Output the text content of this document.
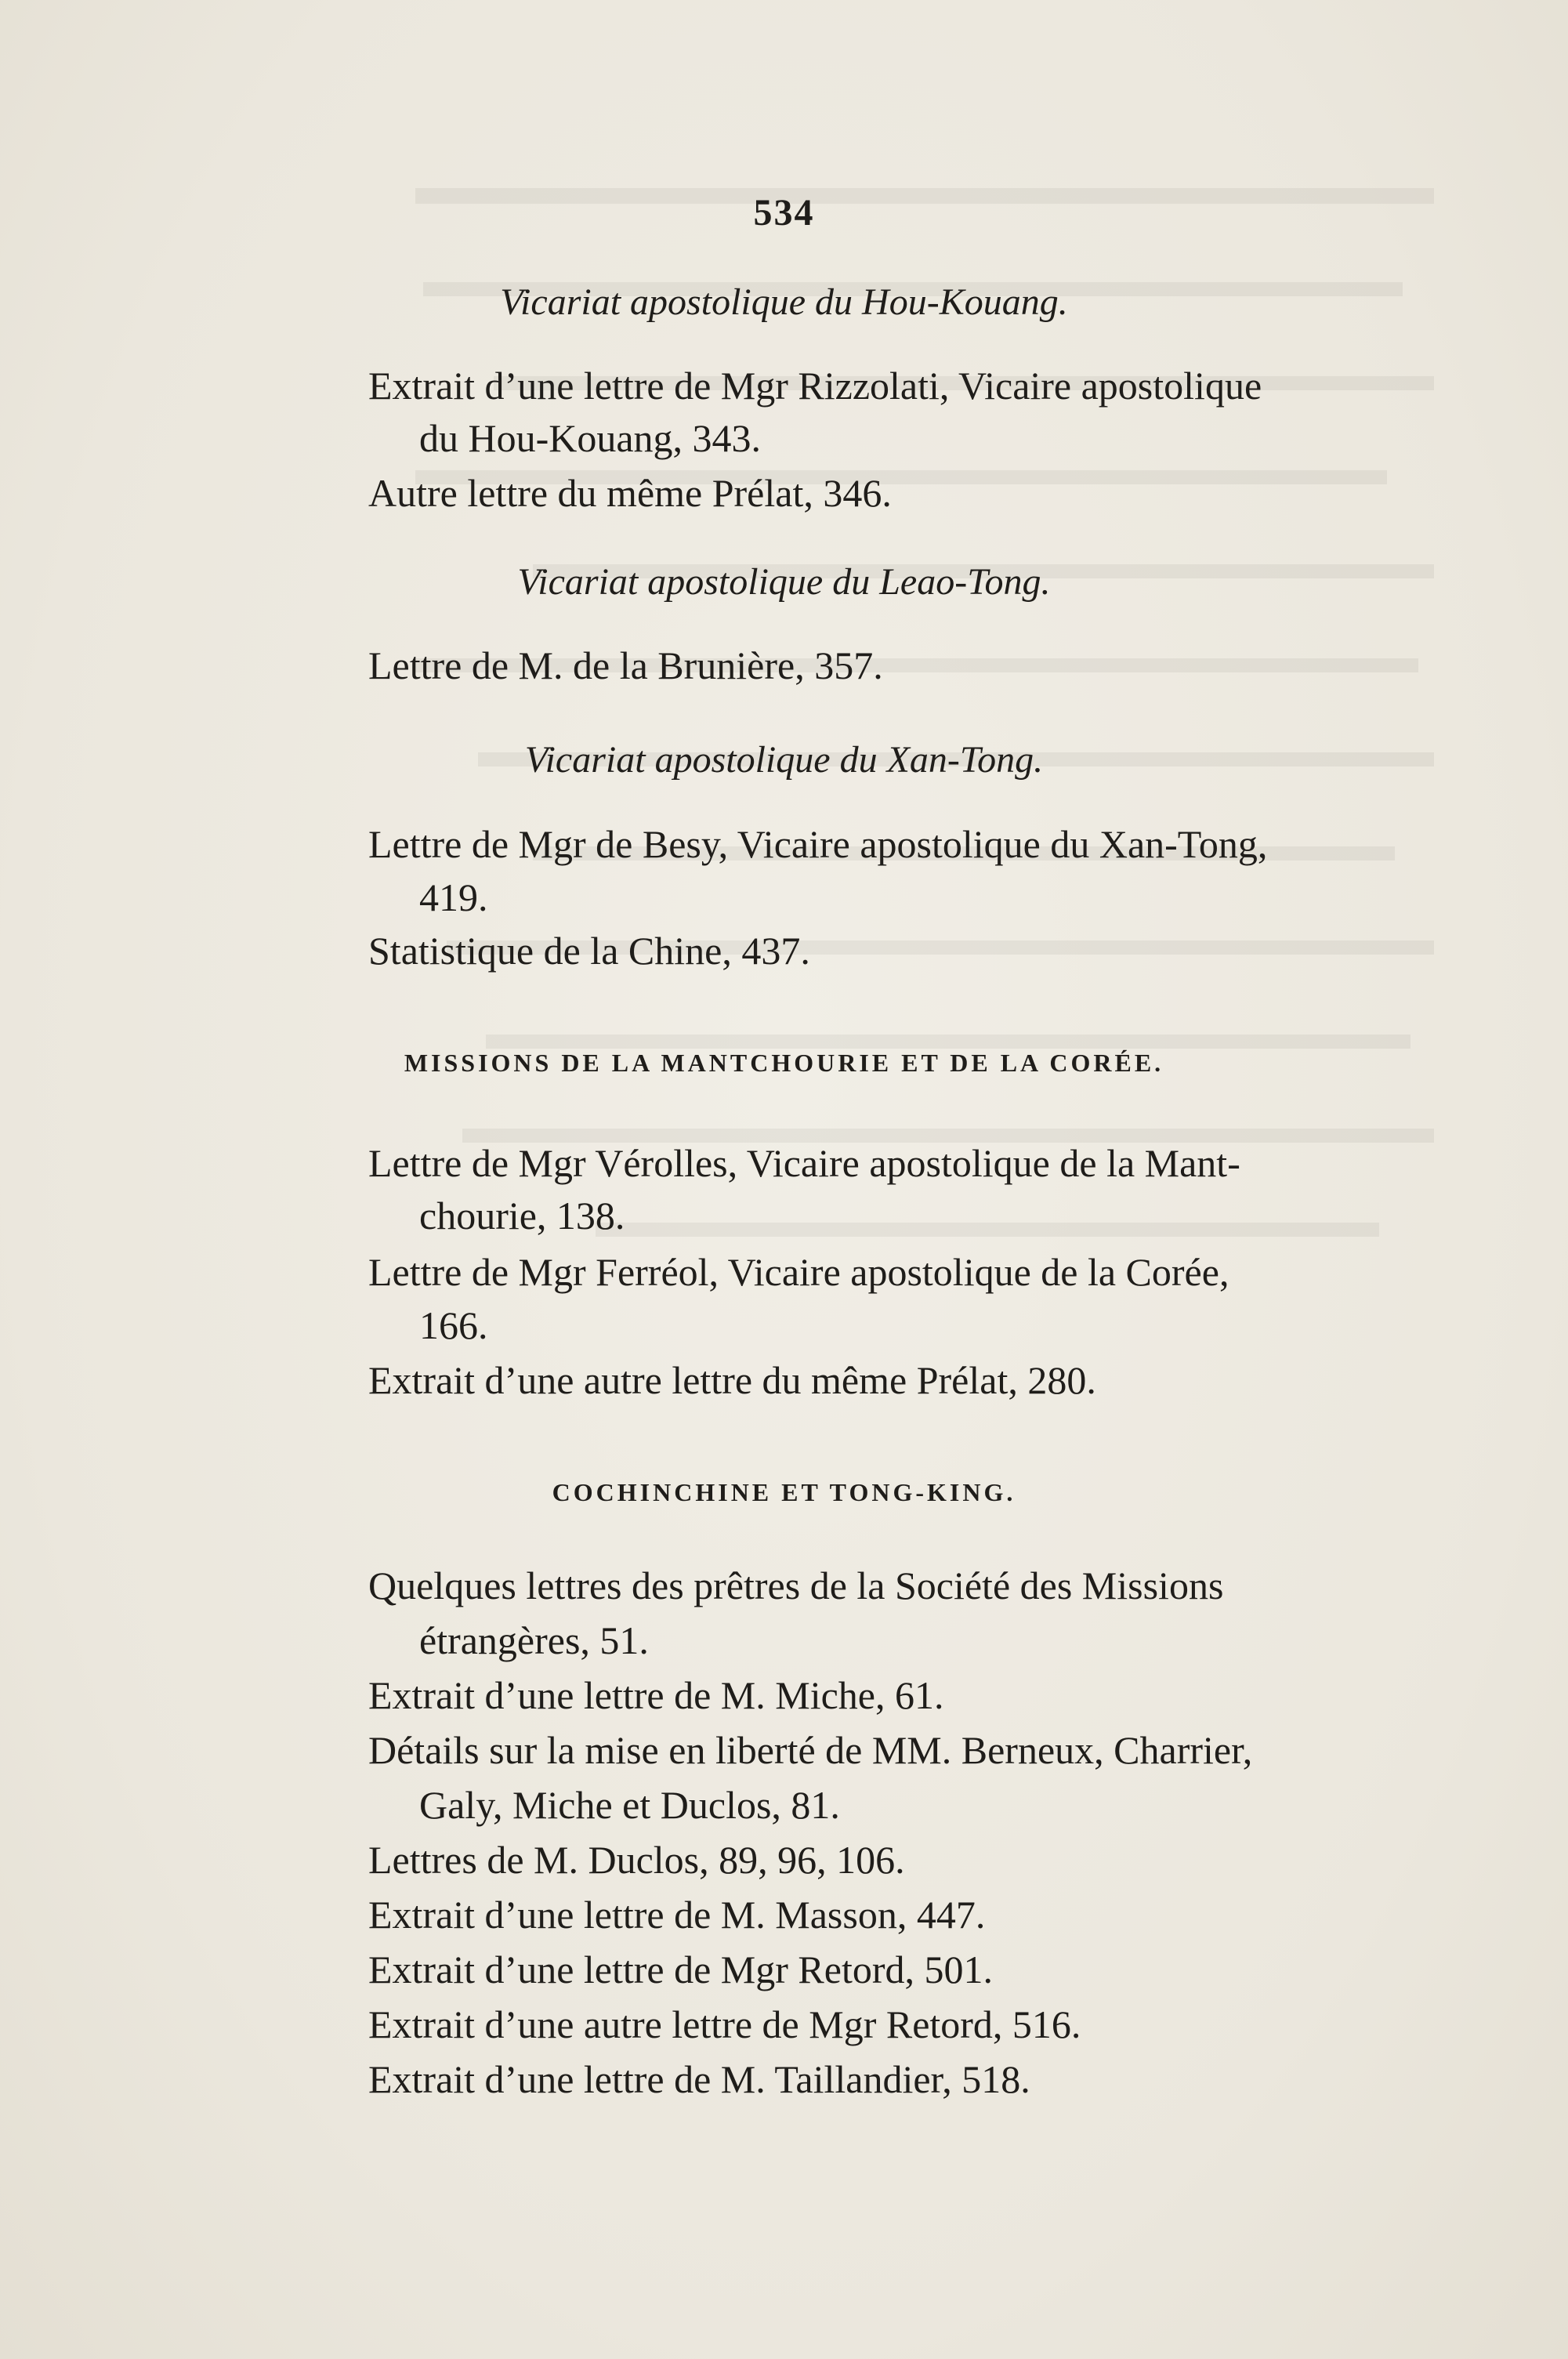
534
Vicariat apostolique du Hou-Kouang.
Extrait d’une lettre de Mgr Rizzolati, Vicaire apostolique
du Hou-Kouang, 343.
Autre lettre du même Prélat, 346.
Vicariat apostolique du Leao-Tong.
Lettre de M. de la Brunière, 357.
Vicariat apostolique du Xan-Tong.
Lettre de Mgr de Besy, Vicaire apostolique du Xan-Tong,
419.
Statistique de la Chine, 437.
MISSIONS DE LA MANTCHOURIE ET DE LA CORÉE.
Lettre de Mgr Vérolles, Vicaire apostolique de la Mant-
chourie, 138.
Lettre de Mgr Ferréol, Vicaire apostolique de la Corée,
166.
Extrait d’une autre lettre du même Prélat, 280.
COCHINCHINE ET TONG-KING.
Quelques lettres des prêtres de la Société des Missions
étrangères, 51.
Extrait d’une lettre de M. Miche, 61.
Détails sur la mise en liberté de MM. Berneux, Charrier,
Galy, Miche et Duclos, 81.
Lettres de M. Duclos, 89, 96, 106.
Extrait d’une lettre de M. Masson, 447.
Extrait d’une lettre de Mgr Retord, 501.
Extrait d’une autre lettre de Mgr Retord, 516.
Extrait d’une lettre de M. Taillandier, 518.
